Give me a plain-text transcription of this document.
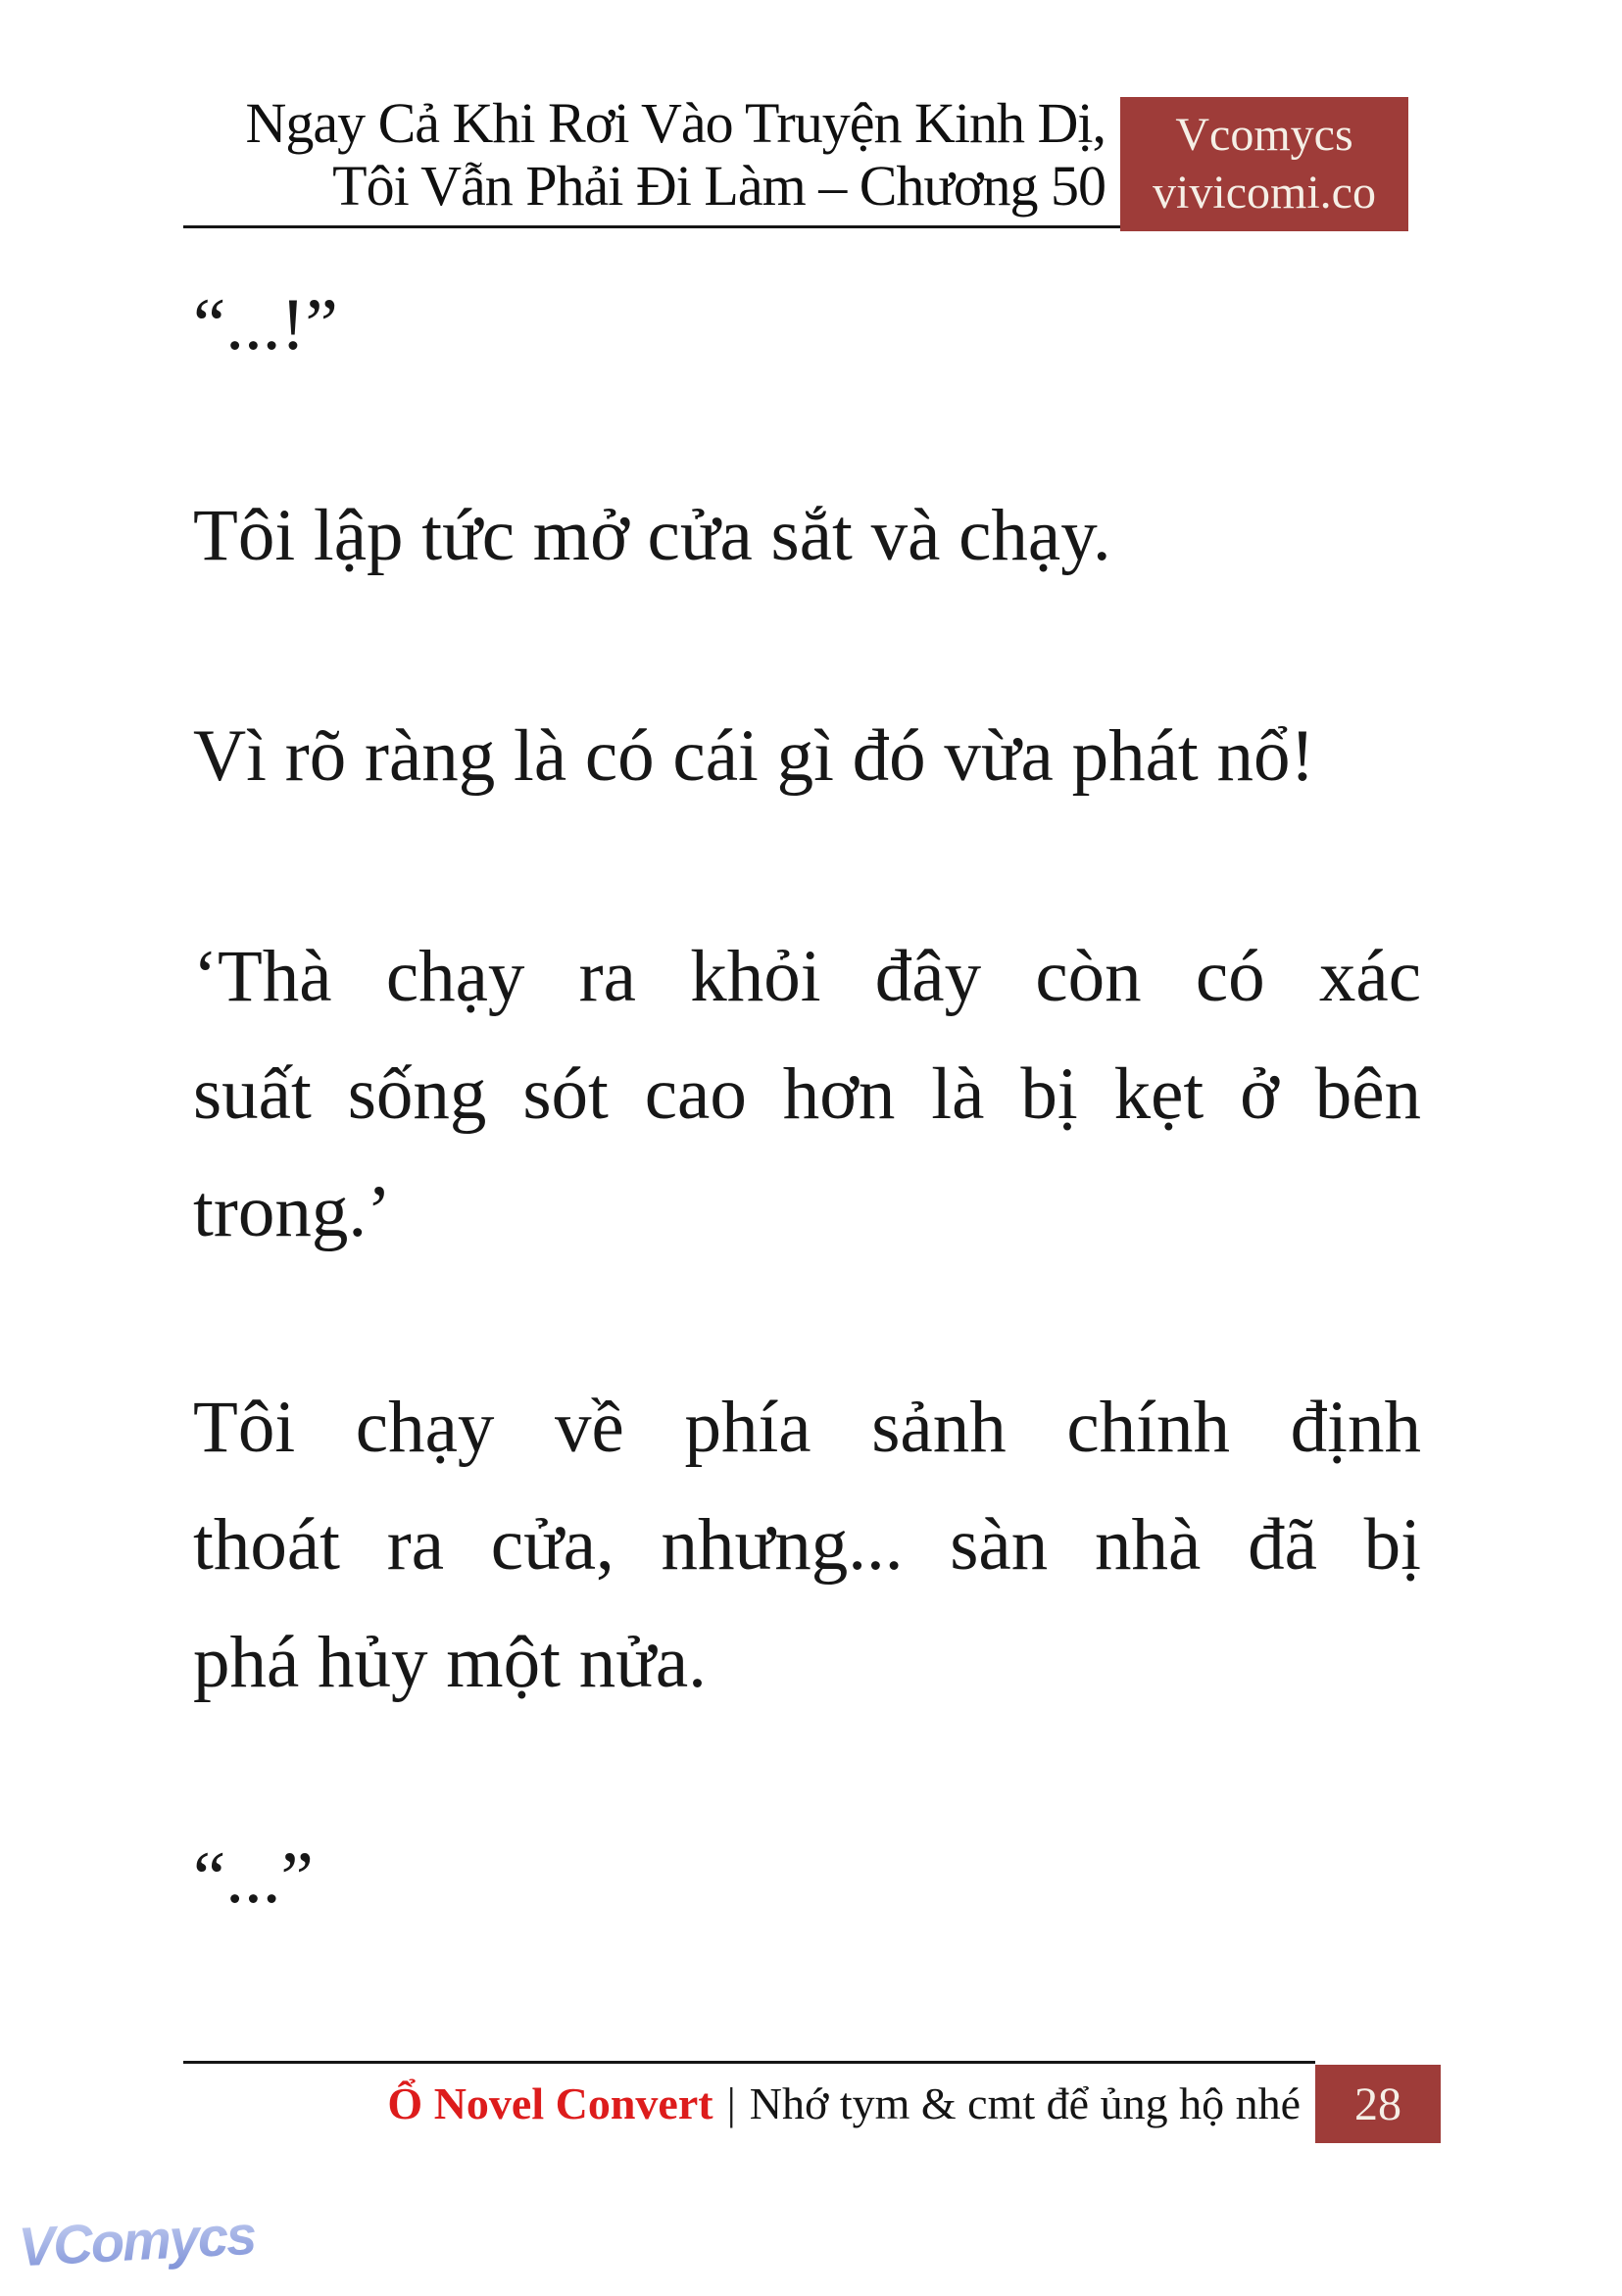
Ngay Cả Khi Rơi Vào Truyện Kinh Dị,
Tôi Vẫn Phải Đi Làm – Chương 50
Vcomycs
vivicomi.co
“...!”
Tôi lập tức mở cửa sắt và chạy.
Vì rõ ràng là có cái gì đó vừa phát nổ!
‘Thà chạy ra khỏi đây còn có xác
suất sống sót cao hơn là bị kẹt ở bên
trong.’
Tôi chạy về phía sảnh chính định
thoát ra cửa, nhưng... sàn nhà đã bị
phá hủy một nửa.
“...”
Ổ Novel Convert | Nhớ tym & cmt để ủng hộ nhé 28
VComycs
